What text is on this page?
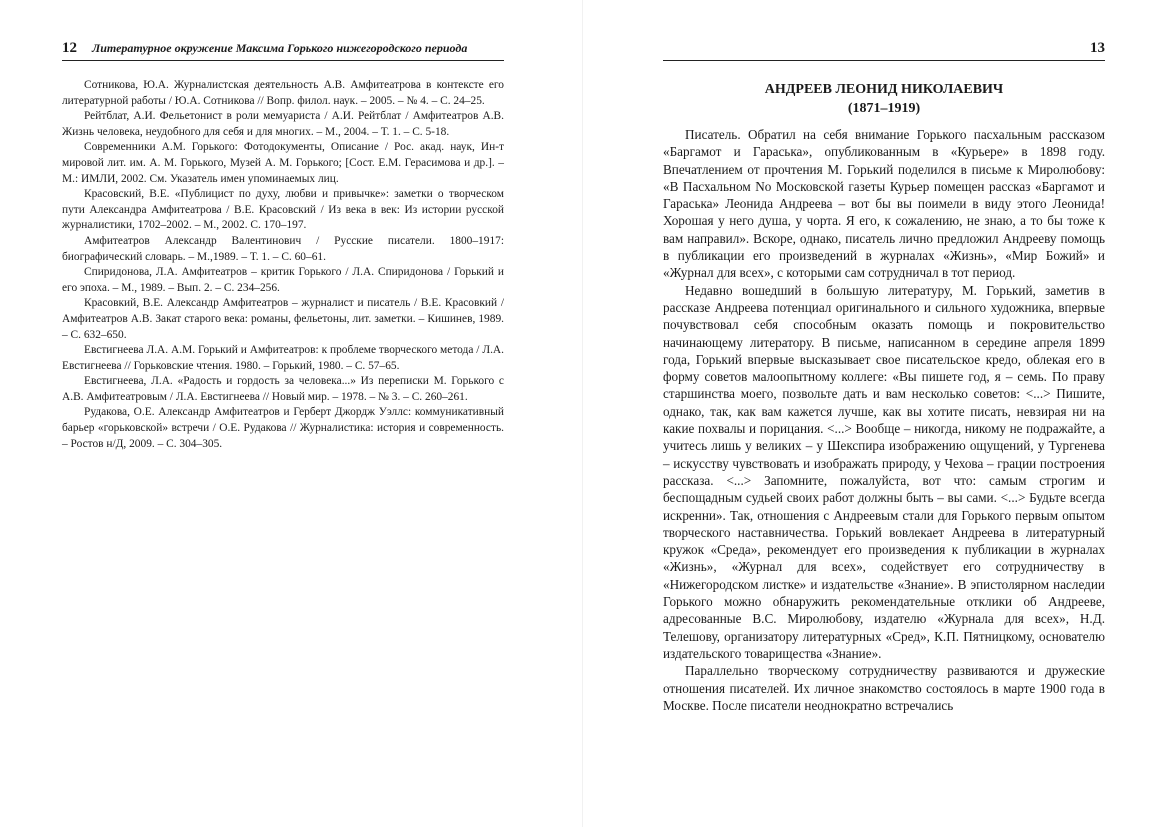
12 Литературное окружение Максима Горького нижегородского периода

Сотникова, Ю.А. Журналистская деятельность А.В. Амфитеатрова в контексте его литературной работы / Ю.А. Сотникова // Вопр. филол. наук. – 2005. – № 4. – С. 24–25.

Рейтблат, А.И. Фельетонист в роли мемуариста / А.И. Рейтблат / Амфитеатров А.В. Жизнь человека, неудобного для себя и для многих. – М., 2004. – Т. 1. – С. 5-18.

Современники А.М. Горького: Фотодокументы, Описание / Рос. акад. наук, Ин-т мировой лит. им. А. М. Горького, Музей А. М. Горького; [Сост. Е.М. Герасимова и др.]. – М.: ИМЛИ, 2002. См. Указатель имен упоминаемых лиц.

Красовский, В.Е. «Публицист по духу, любви и привычке»: заметки о творческом пути Александра Амфитеатрова / В.Е. Красовский / Из века в век: Из истории русской журналистики, 1702–2002. – М., 2002. С. 170–197.

Амфитеатров Александр Валентинович / Русские писатели. 1800–1917: биографический словарь. – М.,1989. – Т. 1. – С. 60–61.

Спиридонова, Л.А. Амфитеатров – критик Горького / Л.А. Спиридонова / Горький и его эпоха. – М., 1989. – Вып. 2. – С. 234–256.

Красовкий, В.Е. Александр Амфитеатров – журналист и писатель / В.Е. Красовкий / Амфитеатров А.В. Закат старого века: романы, фельетоны, лит. заметки. – Кишинев, 1989. – С. 632–650.

Евстигнеева Л.А. А.М. Горький и Амфитеатров: к проблеме творческого метода / Л.А. Евстигнеева // Горьковские чтения. 1980. – Горький, 1980. – С. 57–65.

Евстигнеева, Л.А. «Радость и гордость за человека...» Из переписки М. Горького с А.В. Амфитеатровым / Л.А. Евстигнеева // Новый мир. – 1978. – № 3. – С. 260–261.

Рудакова, О.Е. Александр Амфитеатров и Герберт Джордж Уэллс: коммуникативный барьер «горьковской» встречи / О.Е. Рудакова // Журналистика: история и современность. – Ростов н/Д, 2009. – С. 304–305.

13
АНДРЕЕВ ЛЕОНИД НИКОЛАЕВИЧ
(1871–1919)

Писатель. Обратил на себя внимание Горького пасхальным рассказом «Баргамот и Гараська», опубликованным в «Курьере» в 1898 году. Впечатлением от прочтения М. Горький поделился в письме к Миролюбову: «В Пасхальном No Московской газеты Курьер помещен рассказ «Баргамот и Гараська» Леонида Андреева – вот бы вы поимели в виду этого Леонида! Хорошая у него душа, у чорта. Я его, к сожалению, не знаю, а то бы тоже к вам направил». Вскоре, однако, писатель лично предложил Андрееву помощь в публикации его произведений в журналах «Жизнь», «Мир Божий» и «Журнал для всех», с которыми сам сотрудничал в тот период.

Недавно вошедший в большую литературу, М. Горький, заметив в рассказе Андреева потенциал оригинального и сильного художника, впервые почувствовал себя способным оказать помощь и покровительство начинающему литератору. В письме, написанном в середине апреля 1899 года, Горький впервые высказывает свое писательское кредо, облекая его в форму советов малоопытному коллеге: «Вы пишете год, я – семь. По праву старшинства моего, позвольте дать и вам несколько советов: <...> Пишите, однако, так, как вам кажется лучше, как вы хотите писать, невзирая ни на какие похвалы и порицания. <...> Вообще – никогда, никому не подражайте, а учитесь лишь у великих – у Шекспира изображению ощущений, у Тургенева – искусству чувствовать и изображать природу, у Чехова – грации построения рассказа. <...> Запомните, пожалуйста, вот что: самым строгим и беспощадным судьей своих работ должны быть – вы сами. <...> Будьте всегда искренни». Так, отношения с Андреевым стали для Горького первым опытом творческого наставничества. Горький вовлекает Андреева в литературный кружок «Среда», рекомендует его произведения к публикации в журналах «Жизнь», «Журнал для всех», содействует его сотрудничеству в «Нижегородском листке» и издательстве «Знание». В эпистолярном наследии Горького можно обнаружить рекомендательные отклики об Андрееве, адресованные В.С. Миролюбову, издателю «Журнала для всех», Н.Д. Телешову, организатору литературных «Сред», К.П. Пятницкому, основателю издательского товарищества «Знание».

Параллельно творческому сотрудничеству развиваются и дружеские отношения писателей. Их личное знакомство состоялось в марте 1900 года в Москве. После писатели неоднократно встречались
